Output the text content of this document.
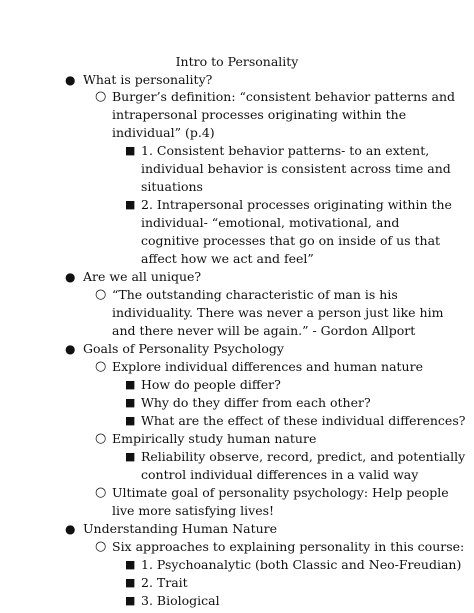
Intro to Personality
● What is personality?
○ Burger’s definition: “consistent behavior patterns and
intrapersonal processes originating within the
individual” (p.4)
■ 1. Consistent behavior patterns- to an extent,
individual behavior is consistent across time and
situations
■ 2. Intrapersonal processes originating within the
individual- “emotional, motivational, and
cognitive processes that go on inside of us that
affect how we act and feel”
● Are we all unique?
○ “The outstanding characteristic of man is his
individuality. There was never a person just like him
and there never will be again.” - Gordon Allport
● Goals of Personality Psychology
○ Explore individual differences and human nature
■ How do people differ?
■ Why do they differ from each other?
■ What are the effect of these individual differences?
○ Empirically study human nature
■ Reliability observe, record, predict, and potentially
control individual differences in a valid way
○ Ultimate goal of personality psychology: Help people
live more satisfying lives!
● Understanding Human Nature
○ Six approaches to explaining personality in this course:
■ 1. Psychoanalytic (both Classic and Neo-Freudian)
■ 2. Trait
■ 3. Biological
